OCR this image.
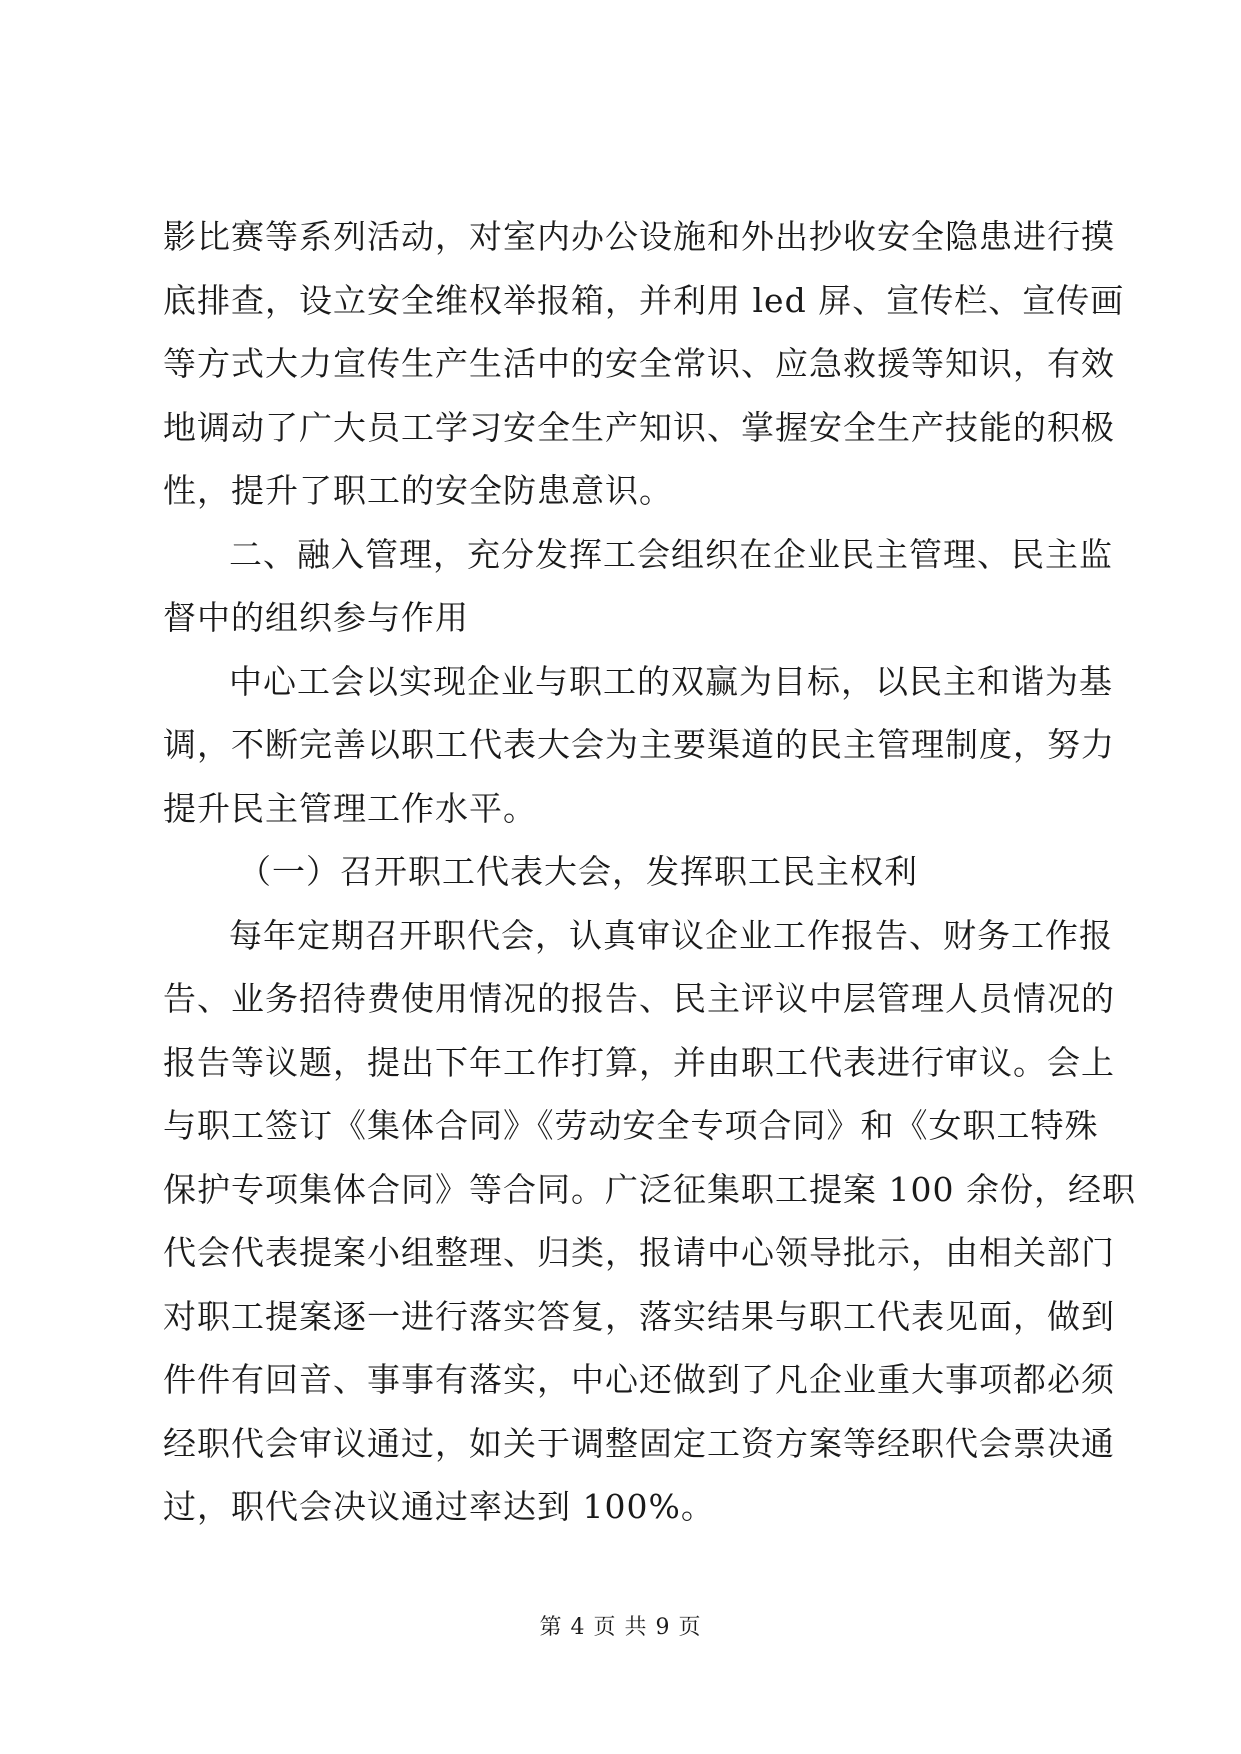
影比赛等系列活动，对室内办公设施和外出抄收安全隐患进行摸
底排查，设立安全维权举报箱，并利用 led 屏、宣传栏、宣传画
等方式大力宣传生产生活中的安全常识、应急救援等知识，有效
地调动了广大员工学习安全生产知识、掌握安全生产技能的积极
性，提升了职工的安全防患意识。
二、融入管理，充分发挥工会组织在企业民主管理、民主监
督中的组织参与作用
中心工会以实现企业与职工的双赢为目标，以民主和谐为基
调，不断完善以职工代表大会为主要渠道的民主管理制度，努力
提升民主管理工作水平。
（一）召开职工代表大会，发挥职工民主权利
每年定期召开职代会，认真审议企业工作报告、财务工作报
告、业务招待费使用情况的报告、民主评议中层管理人员情况的
报告等议题，提出下年工作打算，并由职工代表进行审议。会上
与职工签订《集体合同》《劳动安全专项合同》和《女职工特殊
保护专项集体合同》等合同。广泛征集职工提案 100 余份，经职
代会代表提案小组整理、归类，报请中心领导批示，由相关部门
对职工提案逐一进行落实答复，落实结果与职工代表见面，做到
件件有回音、事事有落实，中心还做到了凡企业重大事项都必须
经职代会审议通过，如关于调整固定工资方案等经职代会票决通
过，职代会决议通过率达到 100%。
第 4 页 共 9 页
